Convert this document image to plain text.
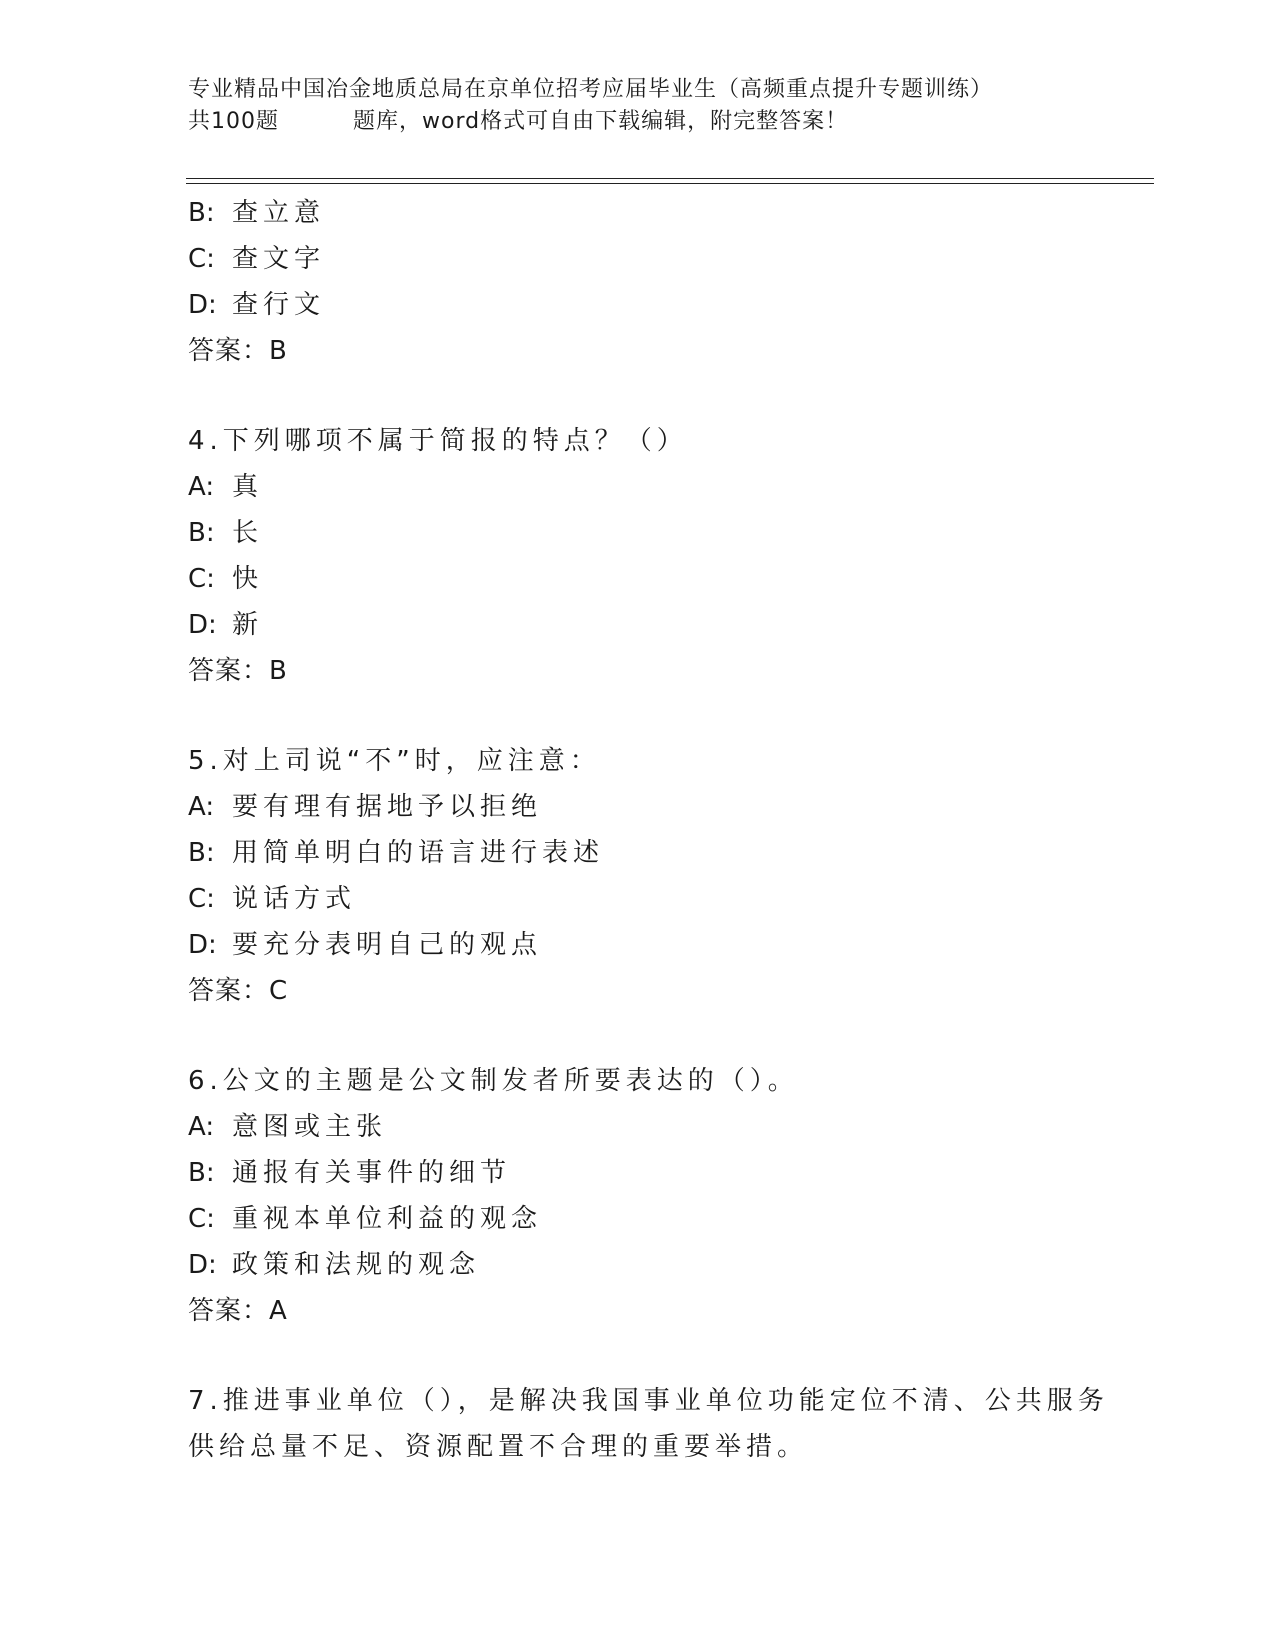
专业精品中国冶金地质总局在京单位招考应届毕业生（高频重点提升专题训练）
共100题	题库，word格式可自由下载编辑，附完整答案！
B: 查立意
C: 查文字
D: 查行文
答案：B
4.下列哪项不属于简报的特点？（）
A: 真
B: 长
C: 快
D: 新
答案：B
5.对上司说“不”时，应注意：
A: 要有理有据地予以拒绝
B: 用简单明白的语言进行表述
C: 说话方式
D: 要充分表明自己的观点
答案：C
6.公文的主题是公文制发者所要表达的（）。
A: 意图或主张
B: 通报有关事件的细节
C: 重视本单位利益的观念
D: 政策和法规的观念
答案：A
7.推进事业单位（），是解决我国事业单位功能定位不清、公共服务
供给总量不足、资源配置不合理的重要举措。
